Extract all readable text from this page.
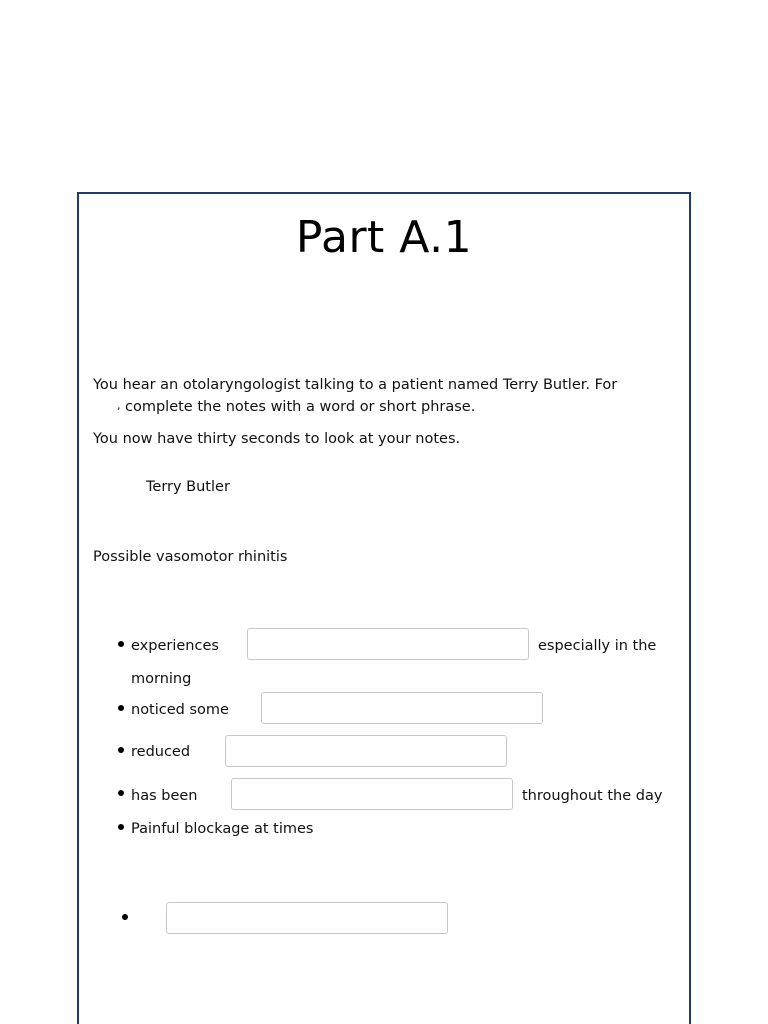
Part A.1
You hear an otolaryngologist talking to a patient named Terry Butler. For
, complete the notes with a word or short phrase.
You now have thirty seconds to look at your notes.
Terry Butler
Possible vasomotor rhinitis
experiences	especially in the
morning
noticed some
reduced
has been	throughout the day
Painful blockage at times
